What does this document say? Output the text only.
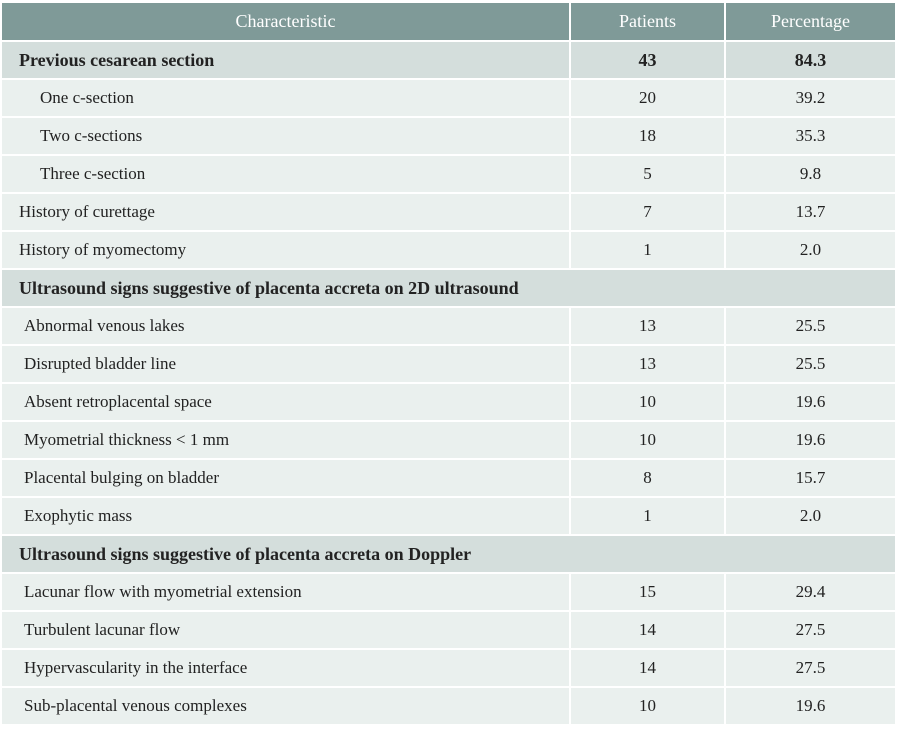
Characteristic	Patients	Percentage
Previous cesarean section	43	84.3
One c-section	20	39.2
Two c-sections	18	35.3
Three c-section	5	9.8
History of curettage	7	13.7
History of myomectomy	1	2.0
Ultrasound signs suggestive of placenta accreta on 2D ultrasound		
Abnormal venous lakes	13	25.5
Disrupted bladder line	13	25.5
Absent retroplacental space	10	19.6
Myometrial thickness < 1 mm	10	19.6
Placental bulging on bladder	8	15.7
Exophytic mass	1	2.0
Ultrasound signs suggestive of placenta accreta on Doppler		
Lacunar flow with myometrial extension	15	29.4
Turbulent lacunar flow	14	27.5
Hypervascularity in the interface	14	27.5
Sub-placental venous complexes	10	19.6
